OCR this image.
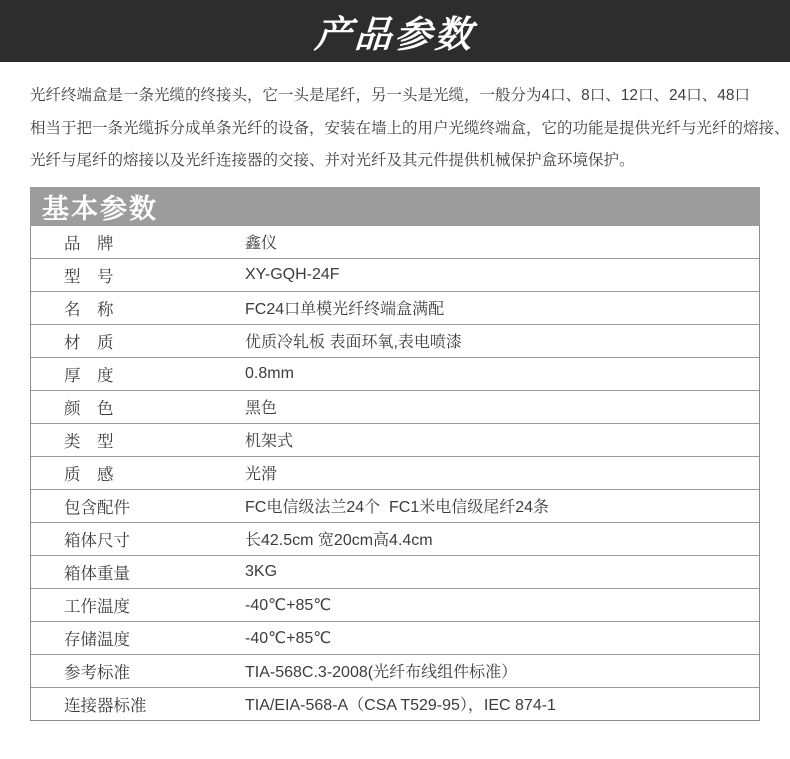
产品参数
光纤终端盒是一条光缆的终接头，它一头是尾纤，另一头是光缆，一般分为4口、8口、12口、24口、48口
相当于把一条光缆拆分成单条光纤的设备，安装在墙上的用户光缆终端盒，它的功能是提供光纤与光纤的熔接、
光纤与尾纤的熔接以及光纤连接器的交接、并对光纤及其元件提供机械保护盒环境保护。
基本参数
品　牌	鑫仪
型　号	XY-GQH-24F
名　称	FC24口单模光纤终端盒满配
材　质	优质冷轧板 表面环氧,表电喷漆
厚　度	0.8mm
颜　色	黑色
类　型	机架式
质　感	光滑
包含配件	FC电信级法兰24个  FC1米电信级尾纤24条
箱体尺寸	长42.5cm 宽20cm高4.4cm
箱体重量	3KG
工作温度	-40℃+85℃
存储温度	-40℃+85℃
参考标准	TIA-568C.3-2008(光纤布线组件标准）
连接器标准	TIA/EIA-568-A（CSA T529-95），IEC 874-1
